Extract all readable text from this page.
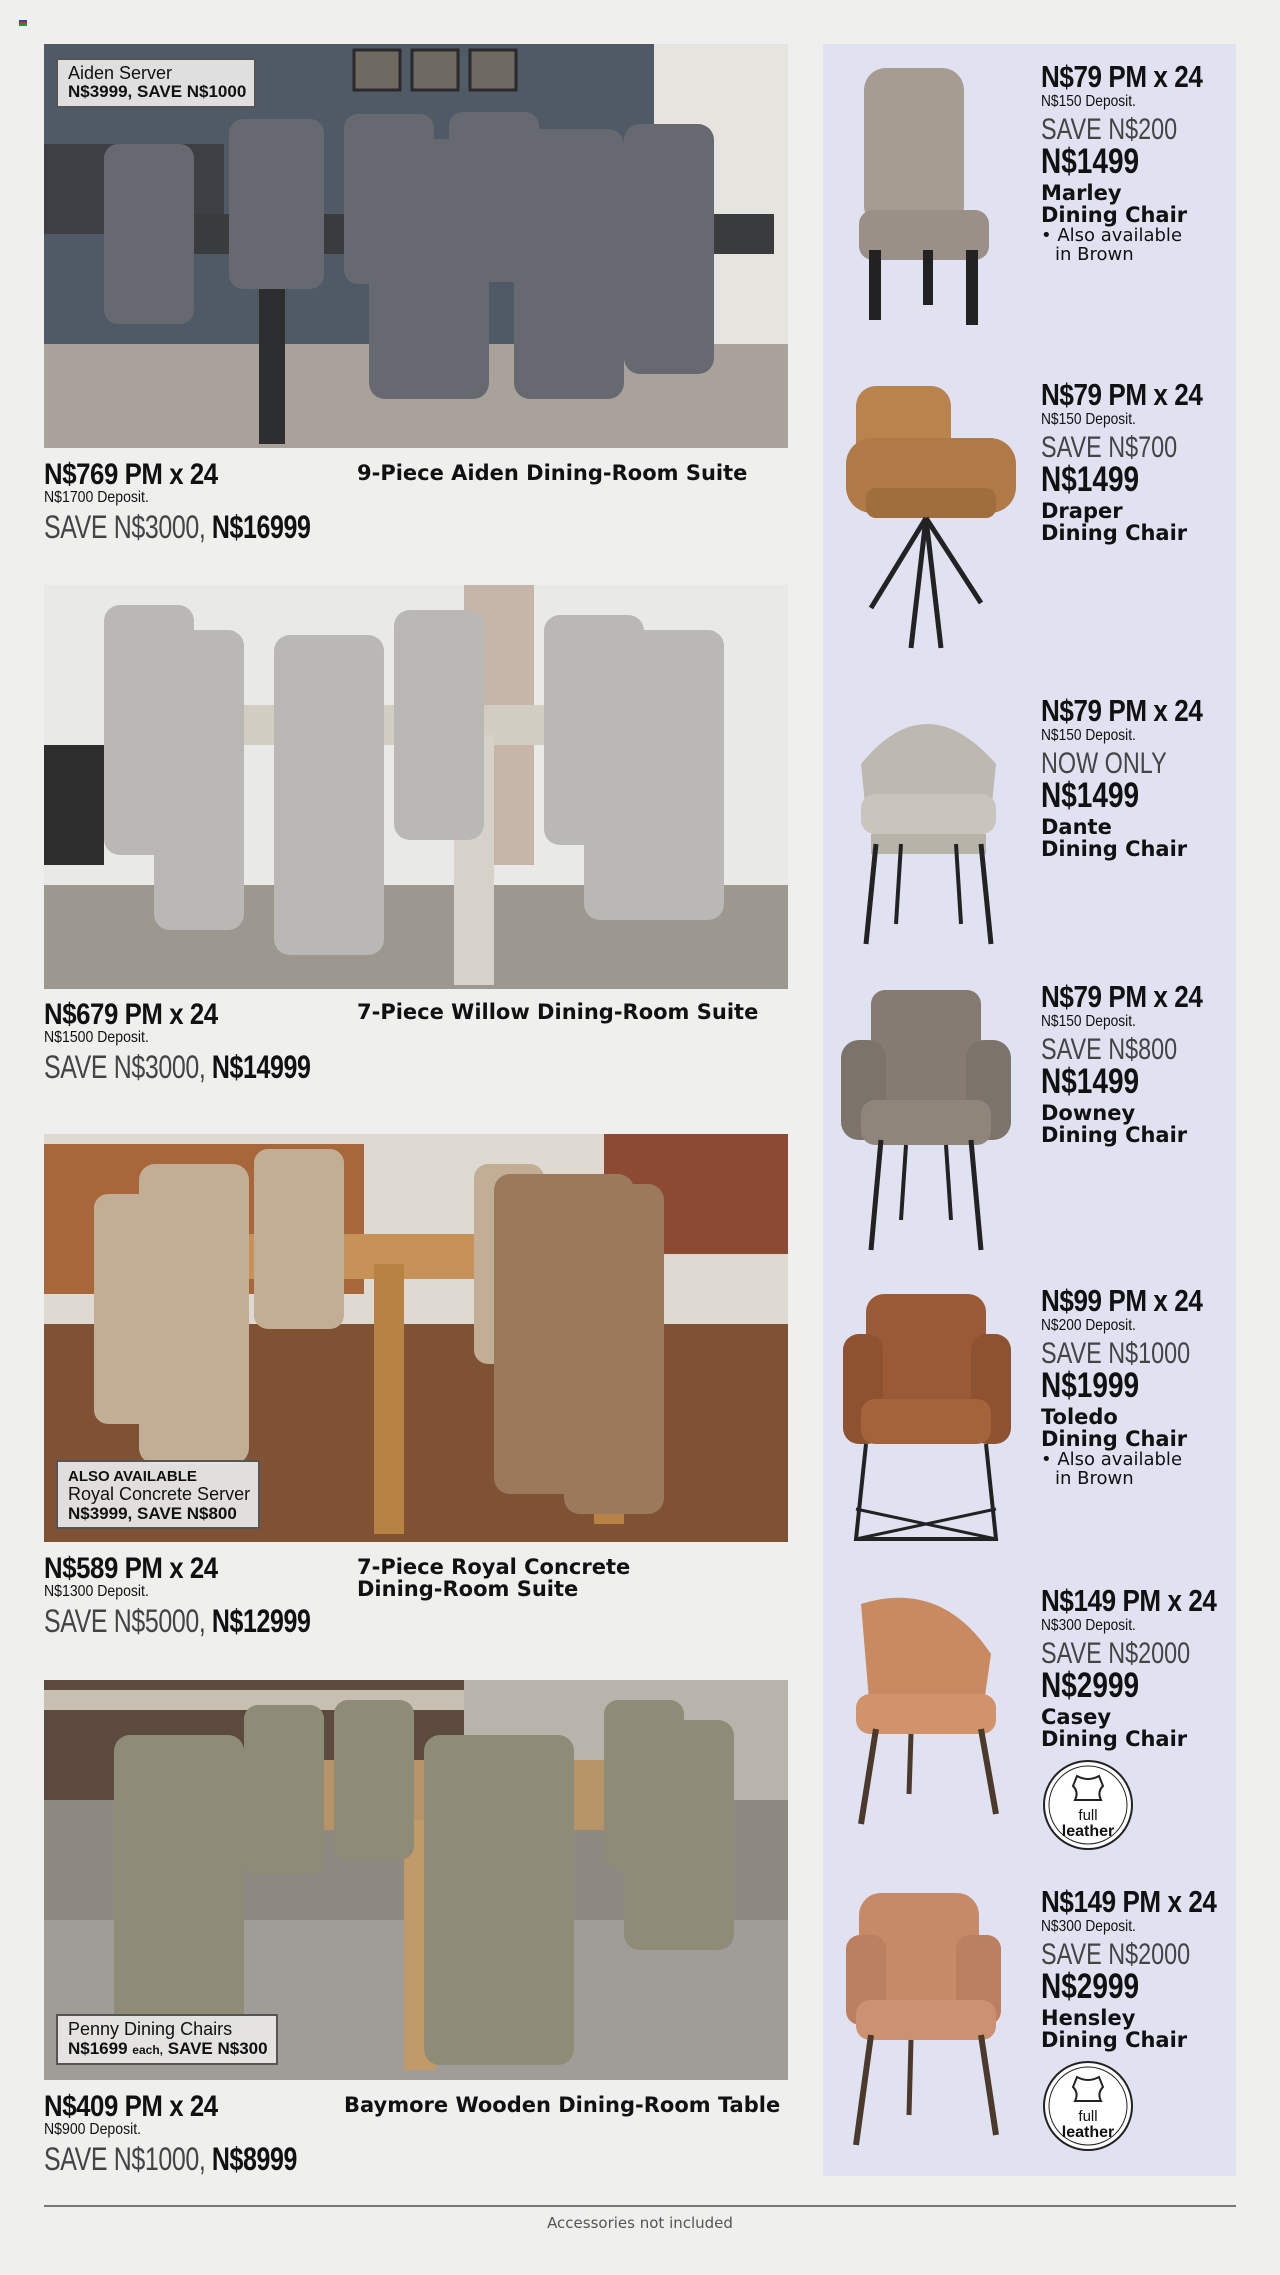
Aiden Server

N$3999, SAVE N$1000
N$769 PM x 24
N$1700 Deposit.
SAVE N$3000, N$16999
9-Piece Aiden Dining-Room Suite
N$679 PM x 24
N$1500 Deposit.
SAVE N$3000, N$14999
7-Piece Willow Dining-Room Suite
ALSO AVAILABLE
Royal Concrete Server

N$3999, SAVE N$800
N$589 PM x 24
N$1300 Deposit.
SAVE N$5000, N$12999
7-Piece Royal Concrete
Dining-Room Suite
Penny Dining Chairs
N$1699 each, SAVE N$300
N$409 PM x 24
N$900 Deposit.
SAVE N$1000, N$8999
Baymore Wooden Dining-Room Table
N$79 PM x 24
N$150 Deposit.
SAVE N$200
N$1499
Marley
Dining Chair
• Also available
in Brown
N$79 PM x 24
N$150 Deposit.
SAVE N$700
N$1499
Draper
Dining Chair
N$79 PM x 24
N$150 Deposit.
NOW ONLY
N$1499
Dante
Dining Chair
N$79 PM x 24
N$150 Deposit.
SAVE N$800
N$1499
Downey
Dining Chair
N$99 PM x 24
N$200 Deposit.
SAVE N$1000
N$1999
Toledo
Dining Chair
• Also available
in Brown
N$149 PM x 24
N$300 Deposit.
SAVE N$2000
N$2999
Casey
Dining Chair
full
leather
N$149 PM x 24
N$300 Deposit.
SAVE N$2000
N$2999
Hensley
Dining Chair
full
leather
Accessories not included
